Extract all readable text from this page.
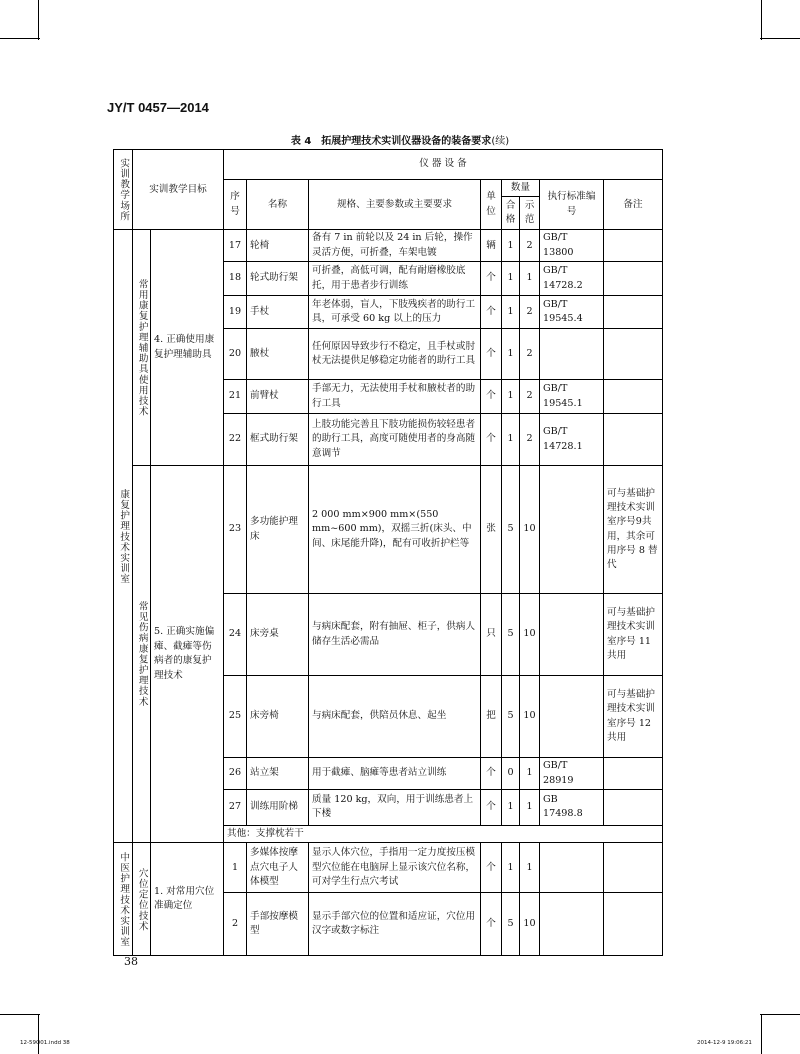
JY/T 0457—2014
表 4　拓展护理技术实训仪器设备的装备要求(续)
实训教学场所	实训教学目标		仪 器 设 备							
			序号	名称	规格、主要参数或主要要求	单位	数量		执行标准编号	备注
							合格	示范		
康复护理技术实训室	常用康复护理辅助具使用技术	4. 正确使用康复护理辅助具	17	轮椅	备有 7 in 前轮以及 24 in 后轮，操作灵活方便，可折叠，车架电镀	辆	1	2	GB/T 13800	
			18	轮式助行架	可折叠，高低可调，配有耐磨橡胶底托，用于患者步行训练	个	1	1	GB/T 14728.2	
			19	手杖	年老体弱，盲人，下肢残疾者的助行工具，可承受 60 kg 以上的压力	个	1	2	GB/T 19545.4	
			20	腋杖	任何原因导致步行不稳定，且手杖或肘杖无法提供足够稳定功能者的助行工具	个	1	2		
			21	前臂杖	手部无力，无法使用手杖和腋杖者的助行工具	个	1	2	GB/T 19545.1	
			22	框式助行架	上肢功能完善且下肢功能损伤较轻患者的助行工具，高度可随使用者的身高随意调节	个	1	2	GB/T 14728.1	
	常见伤病康复护理技术	5. 正确实施偏瘫、截瘫等伤病者的康复护理技术	23	多功能护理床	2 000 mm×900 mm×(550 mm~600 mm)，双摇三折(床头、中间、床尾能升降)，配有可收折护栏等	张	5	10		可与基础护理技术实训室序号9共用，其余可用序号 8 替代
			24	床旁桌	与病床配套，附有抽屉、柜子，供病人储存生活必需品	只	5	10		可与基础护理技术实训室序号 11 共用
			25	床旁椅	与病床配套，供陪员休息、起坐	把	5	10		可与基础护理技术实训室序号 12 共用
			26	站立架	用于截瘫、脑瘫等患者站立训练	个	0	1	GB/T 28919	
			27	训练用阶梯	质量 120 kg，双向，用于训练患者上下楼	个	1	1	GB 17498.8	
			其他：支撑枕若干							
中医护理技术实训室	穴位定位技术	1. 对常用穴位准确定位	1	多媒体按摩点穴电子人体模型	显示人体穴位，手指用一定力度按压模型穴位能在电脑屏上显示该穴位名称，可对学生行点穴考试	个	1	1		
			2	手部按摩模型	显示手部穴位的位置和适应证，穴位用汉字或数字标注	个	5	10		
38
12-59O01.indd 38	2014-12-9 19:06:21
